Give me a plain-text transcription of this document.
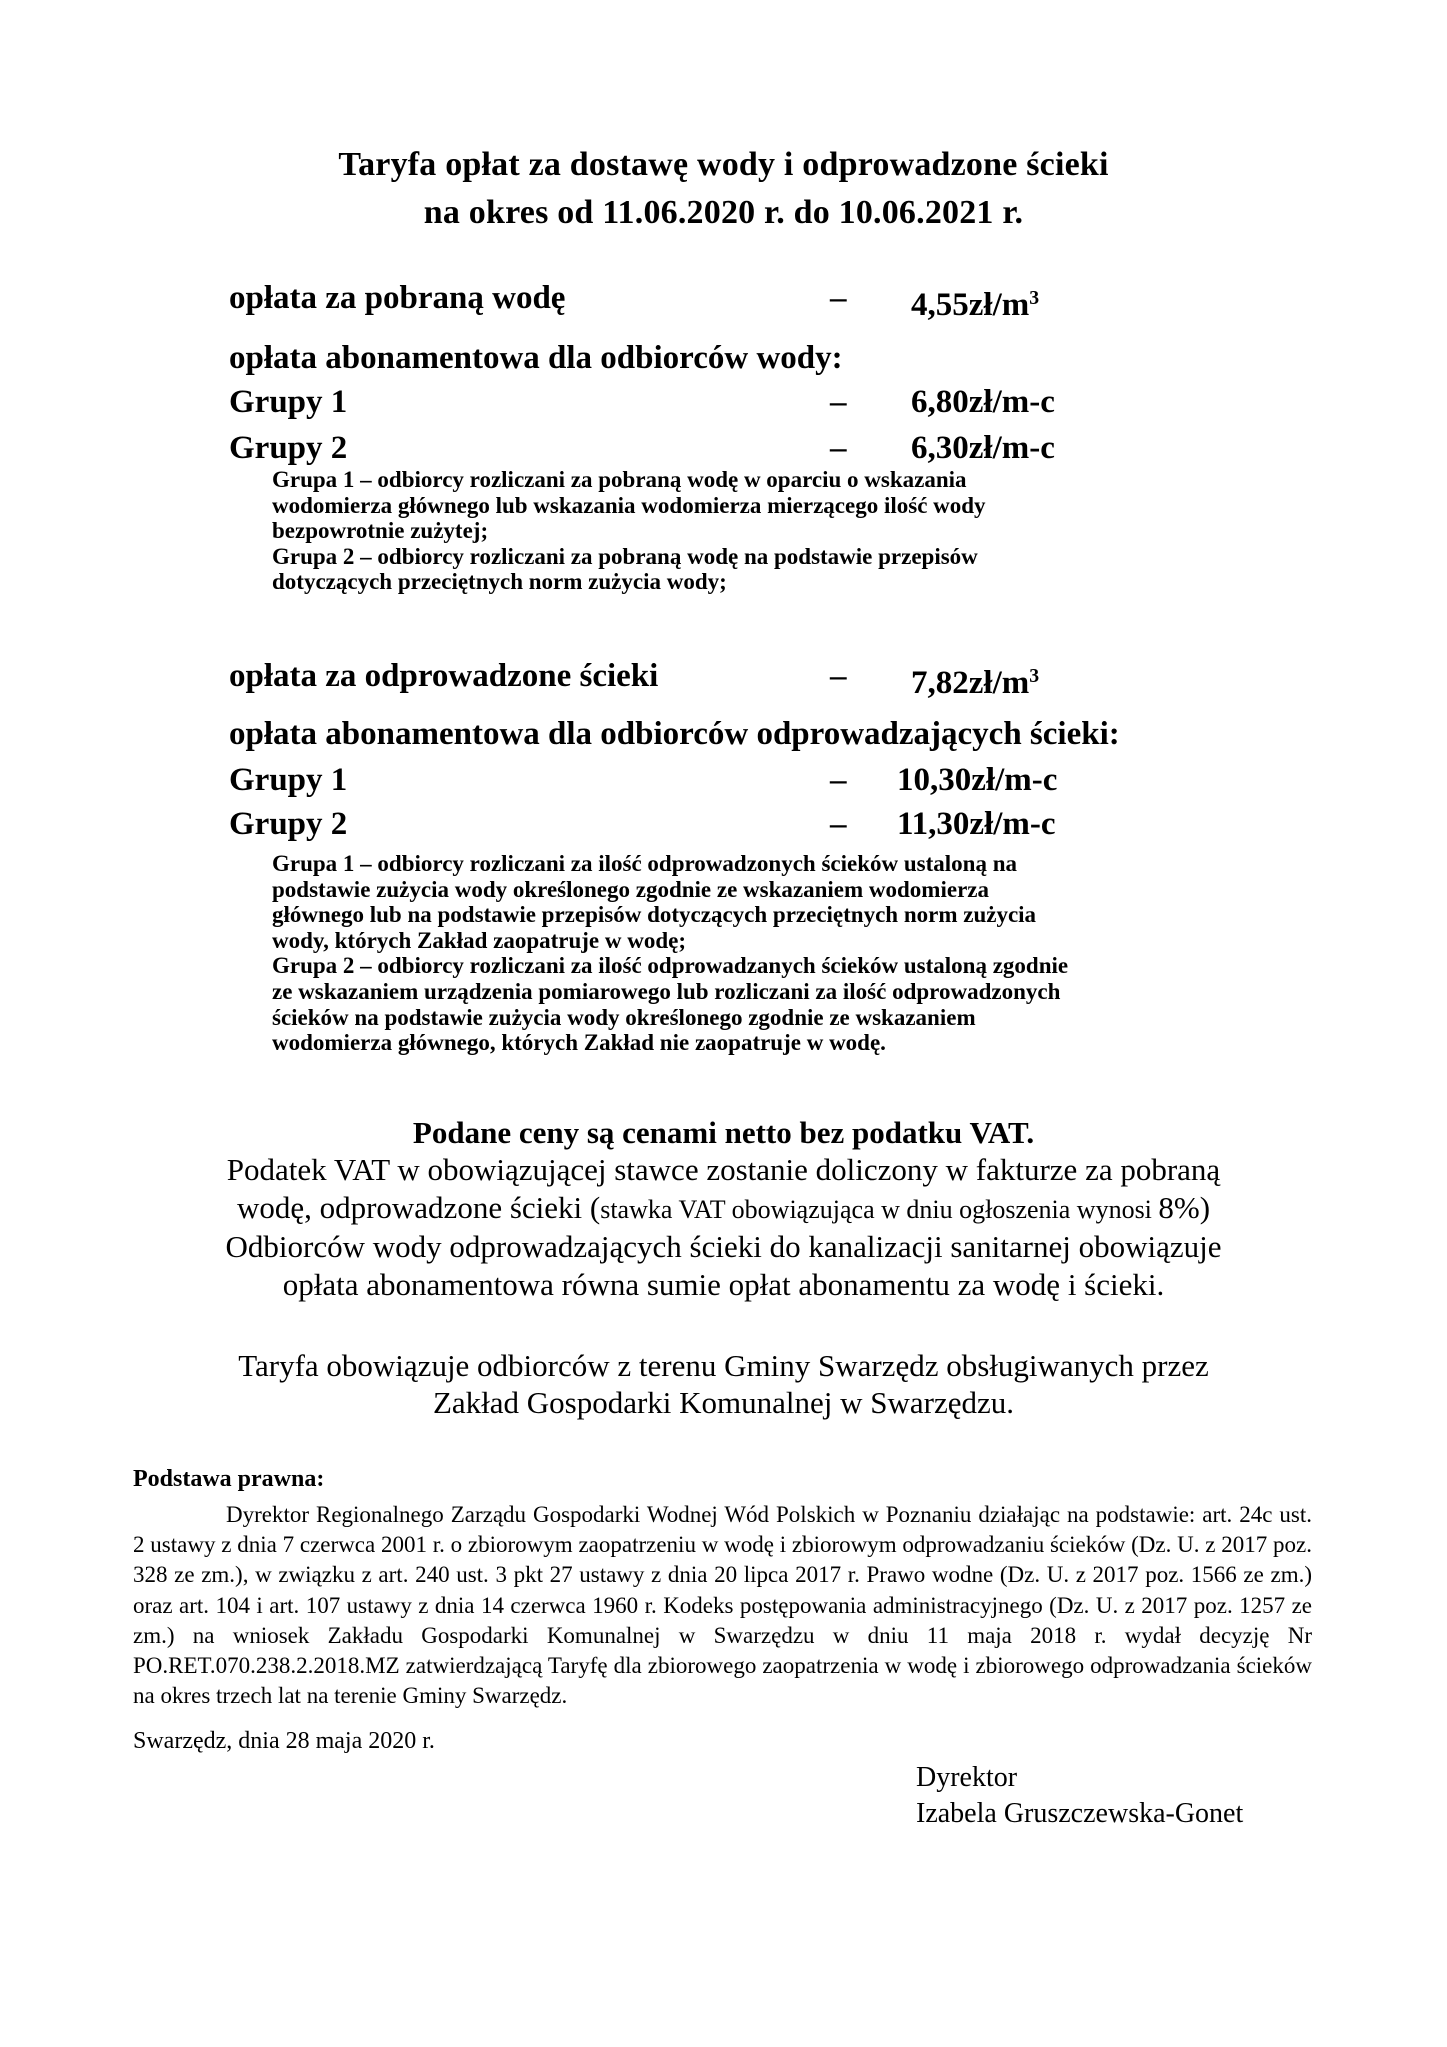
Taryfa opłat za dostawę wody i odprowadzone ścieki
na okres od 11.06.2020 r. do 10.06.2021 r.
opłata za pobraną wodę	– $4,55zł/m^3$
opłata abonamentowa dla odbiorców wody:
Grupy 1	– 6,80zł/m-c
Grupy 2	– 6,30zł/m-c

Grupa 1 – odbiorcy rozliczani za pobraną wodę w oparciu o wskazania wodomierza głównego lub wskazania wodomierza mierzącego ilość wody bezpowrotnie zużytej;

Grupa 2 – odbiorcy rozliczani za pobraną wodę na podstawie przepisów dotyczących przeciętnych norm zużycia wody;

opłata za odprowadzone ścieki	– $7,82zł/m^3$
opłata abonamentowa dla odbiorców odprowadzających ścieki:
Grupy 1	– 10,30zł/m-c
Grupy 2	– 11,30zł/m-c

Grupa 1 – odbiorcy rozliczani za ilość odprowadzonych ścieków ustaloną na podstawie zużycia wody określonego zgodnie ze wskazaniem wodomierza głównego lub na podstawie przepisów dotyczących przeciętnych norm zużycia wody, których Zakład zaopatruje w wodę;

Grupa 2 – odbiorcy rozliczani za ilość odprowadzanych ścieków ustaloną zgodnie ze wskazaniem urządzenia pomiarowego lub rozliczani za ilość odprowadzonych ścieków na podstawie zużycia wody określonego zgodnie ze wskazaniem wodomierza głównego, których Zakład nie zaopatruje w wodę.

Podane ceny są cenami netto bez podatku VAT.
Podatek VAT w obowiązującej stawce zostanie doliczony w fakturze za pobraną
wodę, odprowadzone ścieki (stawka VAT obowiązująca w dniu ogłoszenia wynosi 8%)
Odbiorców wody odprowadzających ścieki do kanalizacji sanitarnej obowiązuje
opłata abonamentowa równa sumie opłat abonamentu za wodę i ścieki.
Taryfa obowiązuje odbiorców z terenu Gminy Swarzędz obsługiwanych przez
Zakład Gospodarki Komunalnej w Swarzędzu.
Podstawa prawna:
Dyrektor Regionalnego Zarządu Gospodarki Wodnej Wód Polskich w Poznaniu działając na podstawie: art. 24c ust. 2 ustawy z dnia 7 czerwca 2001 r. o zbiorowym zaopatrzeniu w wodę i zbiorowym odprowadzaniu ścieków (Dz. U. z 2017 poz. 328 ze zm.), w związku z art. 240 ust. 3 pkt 27 ustawy z dnia 20 lipca 2017 r. Prawo wodne (Dz. U. z 2017 poz. 1566 ze zm.) oraz art. 104 i art. 107 ustawy z dnia 14 czerwca 1960 r. Kodeks postępowania administracyjnego (Dz. U. z 2017 poz. 1257 ze zm.) na wniosek Zakładu Gospodarki Komunalnej w Swarzędzu w dniu 11 maja 2018 r. wydał decyzję Nr PO.RET.070.238.2.2018.MZ zatwierdzającą Taryfę dla zbiorowego zaopatrzenia w wodę i zbiorowego odprowadzania ścieków na okres trzech lat na terenie Gminy Swarzędz.
Swarzędz, dnia 28 maja 2020 r.
Dyrektor
Izabela Gruszczewska-Gonet
